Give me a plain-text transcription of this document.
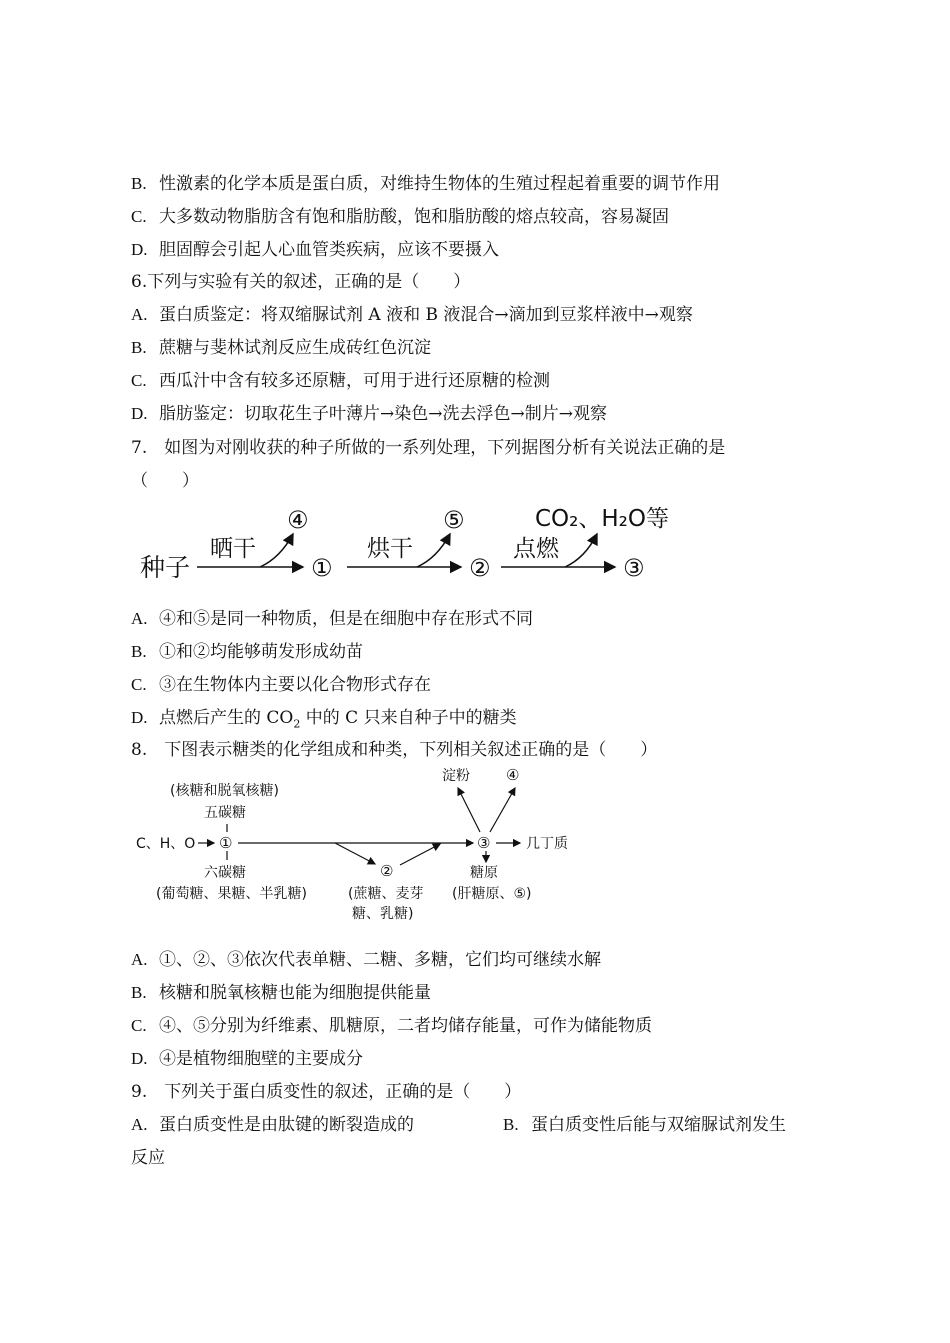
B. 性激素的化学本质是蛋白质，对维持生物体的生殖过程起着重要的调节作用
C. 大多数动物脂肪含有饱和脂肪酸，饱和脂肪酸的熔点较高，容易凝固
D. 胆固醇会引起人心血管类疾病，应该不要摄入
6.下列与实验有关的叙述，正确的是（　　）
A. 蛋白质鉴定：将双缩脲试剂 A 液和 B 液混合→滴加到豆浆样液中→观察
B. 蔗糖与斐林试剂反应生成砖红色沉淀
C. 西瓜汁中含有较多还原糖，可用于进行还原糖的检测
D. 脂肪鉴定：切取花生子叶薄片→染色→洗去浮色→制片→观察
7.　如图为对刚收获的种子所做的一系列处理，下列据图分析有关说法正确的是
（　　）
种子
晒干
④
①
烘干
⑤
②
点燃
CO₂、H₂O等
③
A. ④和⑤是同一种物质，但是在细胞中存在形式不同
B. ①和②均能够萌发形成幼苗
C. ③在生物体内主要以化合物形式存在
D. 点燃后产生的 $CO_2$ 中的 C 只来自种子中的糖类
8.　下图表示糖类的化学组成和种类，下列相关叙述正确的是（　　）
(核糖和脱氧核糖)
五碳糖
C、H、O ①
六碳糖
(葡萄糖、果糖、半乳糖)
②
(蔗糖、麦芽
糖、乳糖)
③
淀粉 ④
几丁质
糖原
(肝糖原、⑤)
A. ①、②、③依次代表单糖、二糖、多糖，它们均可继续水解
B. 核糖和脱氧核糖也能为细胞提供能量
C. ④、⑤分别为纤维素、肌糖原，二者均储存能量，可作为储能物质
D. ④是植物细胞壁的主要成分
9.　下列关于蛋白质变性的叙述，正确的是（　　）
A. 蛋白质变性是由肽键的断裂造成的	B. 蛋白质变性后能与双缩脲试剂发生
反应
